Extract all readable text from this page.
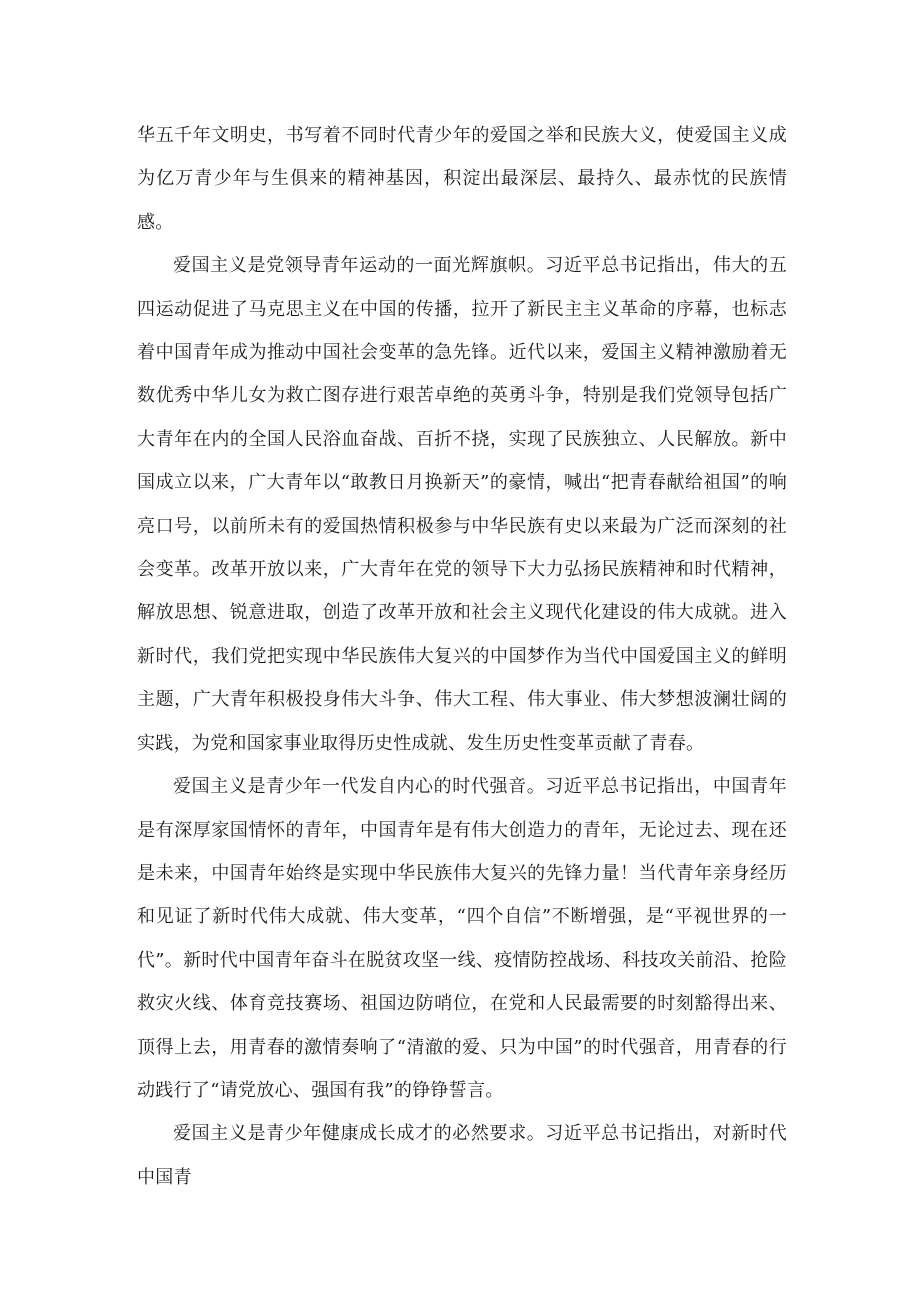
华五千年文明史，书写着不同时代青少年的爱国之举和民族大义，使爱国主义成为亿万青少年与生俱来的精神基因，积淀出最深层、最持久、最赤忱的民族情感。

爱国主义是党领导青年运动的一面光辉旗帜。习近平总书记指出，伟大的五四运动促进了马克思主义在中国的传播，拉开了新民主主义革命的序幕，也标志着中国青年成为推动中国社会变革的急先锋。近代以来，爱国主义精神激励着无数优秀中华儿女为救亡图存进行艰苦卓绝的英勇斗争，特别是我们党领导包括广大青年在内的全国人民浴血奋战、百折不挠，实现了民族独立、人民解放。新中国成立以来，广大青年以“敢教日月换新天”的豪情，喊出“把青春献给祖国”的响亮口号，以前所未有的爱国热情积极参与中华民族有史以来最为广泛而深刻的社会变革。改革开放以来，广大青年在党的领导下大力弘扬民族精神和时代精神，解放思想、锐意进取，创造了改革开放和社会主义现代化建设的伟大成就。进入新时代，我们党把实现中华民族伟大复兴的中国梦作为当代中国爱国主义的鲜明主题，广大青年积极投身伟大斗争、伟大工程、伟大事业、伟大梦想波澜壮阔的实践，为党和国家事业取得历史性成就、发生历史性变革贡献了青春。

爱国主义是青少年一代发自内心的时代强音。习近平总书记指出，中国青年是有深厚家国情怀的青年，中国青年是有伟大创造力的青年，无论过去、现在还是未来，中国青年始终是实现中华民族伟大复兴的先锋力量！当代青年亲身经历和见证了新时代伟大成就、伟大变革，“四个自信”不断增强，是“平视世界的一代”。新时代中国青年奋斗在脱贫攻坚一线、疫情防控战场、科技攻关前沿、抢险救灾火线、体育竞技赛场、祖国边防哨位，在党和人民最需要的时刻豁得出来、顶得上去，用青春的激情奏响了“清澈的爱、只为中国”的时代强音，用青春的行动践行了“请党放心、强国有我”的铮铮誓言。

爱国主义是青少年健康成长成才的必然要求。习近平总书记指出，对新时代中国青
